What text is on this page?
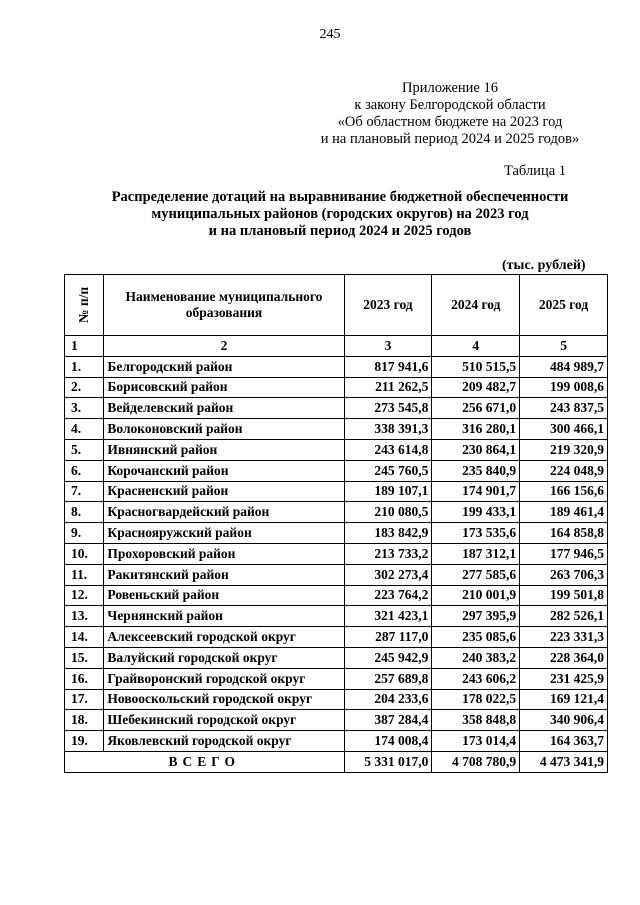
245
Приложение 16
к закону Белгородской области
«Об областном бюджете на 2023 год
и на плановый период 2024 и 2025 годов»
Таблица 1
Распределение дотаций на выравнивание бюджетной обеспеченности
муниципальных районов (городских округов) на 2023 год
и на плановый период 2024 и 2025 годов
(тыс. рублей)
№ п/п	Наименование муниципального образования	2023 год	2024 год	2025 год
1	2	3	4	5
1.	Белгородский район	817 941,6	510 515,5	484 989,7
2.	Борисовский район	211 262,5	209 482,7	199 008,6
3.	Вейделевский район	273 545,8	256 671,0	243 837,5
4.	Волоконовский район	338 391,3	316 280,1	300 466,1
5.	Ивнянский район	243 614,8	230 864,1	219 320,9
6.	Корочанский район	245 760,5	235 840,9	224 048,9
7.	Красненский район	189 107,1	174 901,7	166 156,6
8.	Красногвардейский район	210 080,5	199 433,1	189 461,4
9.	Краснояружский район	183 842,9	173 535,6	164 858,8
10.	Прохоровский район	213 733,2	187 312,1	177 946,5
11.	Ракитянский район	302 273,4	277 585,6	263 706,3
12.	Ровеньский район	223 764,2	210 001,9	199 501,8
13.	Чернянский район	321 423,1	297 395,9	282 526,1
14.	Алексеевский городской округ	287 117,0	235 085,6	223 331,3
15.	Валуйский городской округ	245 942,9	240 383,2	228 364,0
16.	Грайворонский городской округ	257 689,8	243 606,2	231 425,9
17.	Новооскольский городской округ	204 233,6	178 022,5	169 121,4
18.	Шебекинский городской округ	387 284,4	358 848,8	340 906,4
19.	Яковлевский городской округ	174 008,4	173 014,4	164 363,7
ВСЕГО		5 331 017,0	4 708 780,9	4 473 341,9
